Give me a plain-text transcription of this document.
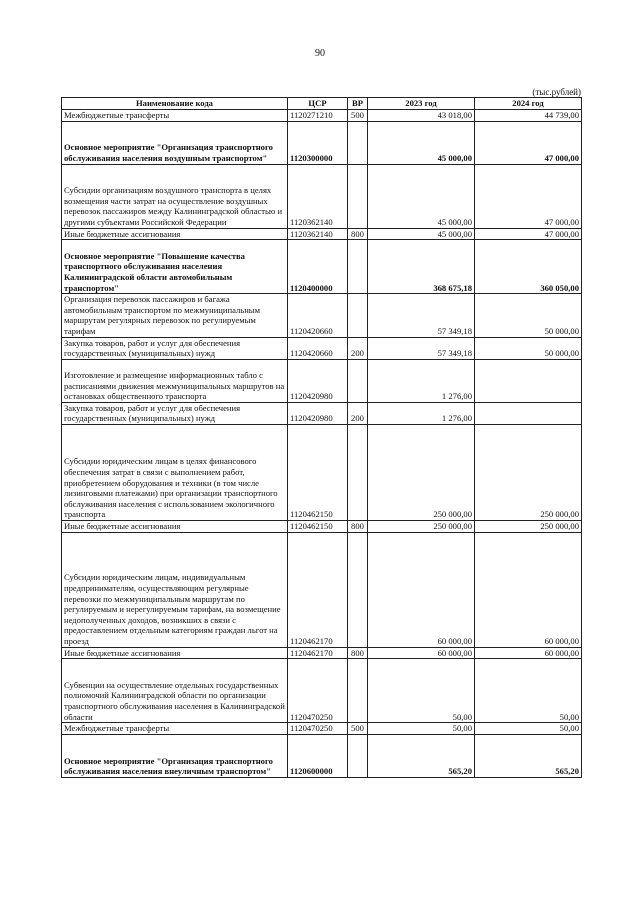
90
(тыс.рублей)
Наименование кода	ЦСР	ВР	2023 год	2024 год
Межбюджетные трансферты	1120271210	500	43 018,00	44 739,00
Основное мероприятие "Организация транспортного обслуживания населения воздушным транспортом"	1120300000		45 000,00	47 000,00
Субсидии организациям воздушного транспорта в целях возмещения части затрат на осуществление воздушных перевозок пассажиров между Калининградской областью и другими субъектами Российской Федерации	1120362140		45 000,00	47 000,00
Иные бюджетные ассигнования	1120362140	800	45 000,00	47 000,00
Основное мероприятие "Повышение качества транспортного обслуживания населения Калининградской области автомобильным транспортом"	1120400000		368 675,18	360 050,00
Организация перевозок пассажиров и багажа автомобильным транспортом по межмуниципальным маршрутам регулярных перевозок по регулируемым тарифам	1120420660		57 349,18	50 000,00
Закупка товаров, работ и услуг для обеспечения государственных (муниципальных) нужд	1120420660	200	57 349,18	50 000,00
Изготовление и размещение информационных табло с расписаниями движения межмуниципальных маршрутов на остановках общественного транспорта	1120420980		1 276,00	
Закупка товаров, работ и услуг для обеспечения государственных (муниципальных) нужд	1120420980	200	1 276,00	
Субсидии юридическим лицам в целях финансового обеспечения затрат в связи с выполнением работ, приобретением оборудования и техники (в том числе лизинговыми платежами) при организации транспортного обслуживания населения с использованием экологичного транспорта	1120462150		250 000,00	250 000,00
Иные бюджетные ассигнования	1120462150	800	250 000,00	250 000,00
Субсидии юридическим лицам, индивидуальным предпринимателям, осуществляющим регулярные перевозки по межмуниципальным маршрутам по регулируемым и нерегулируемым тарифам, на возмещение недополученных доходов, возникших в связи с предоставлением отдельным категориям граждан льгот на проезд	1120462170		60 000,00	60 000,00
Иные бюджетные ассигнования	1120462170	800	60 000,00	60 000,00
Субвенции на осуществление отдельных государственных полномочий Калининградской области по организации транспортного обслуживания населения в Калининградской области	1120470250		50,00	50,00
Межбюджетные трансферты	1120470250	500	50,00	50,00
Основное мероприятие "Организация транспортного обслуживания населения внеуличным транспортом"	1120600000		565,20	565,20
